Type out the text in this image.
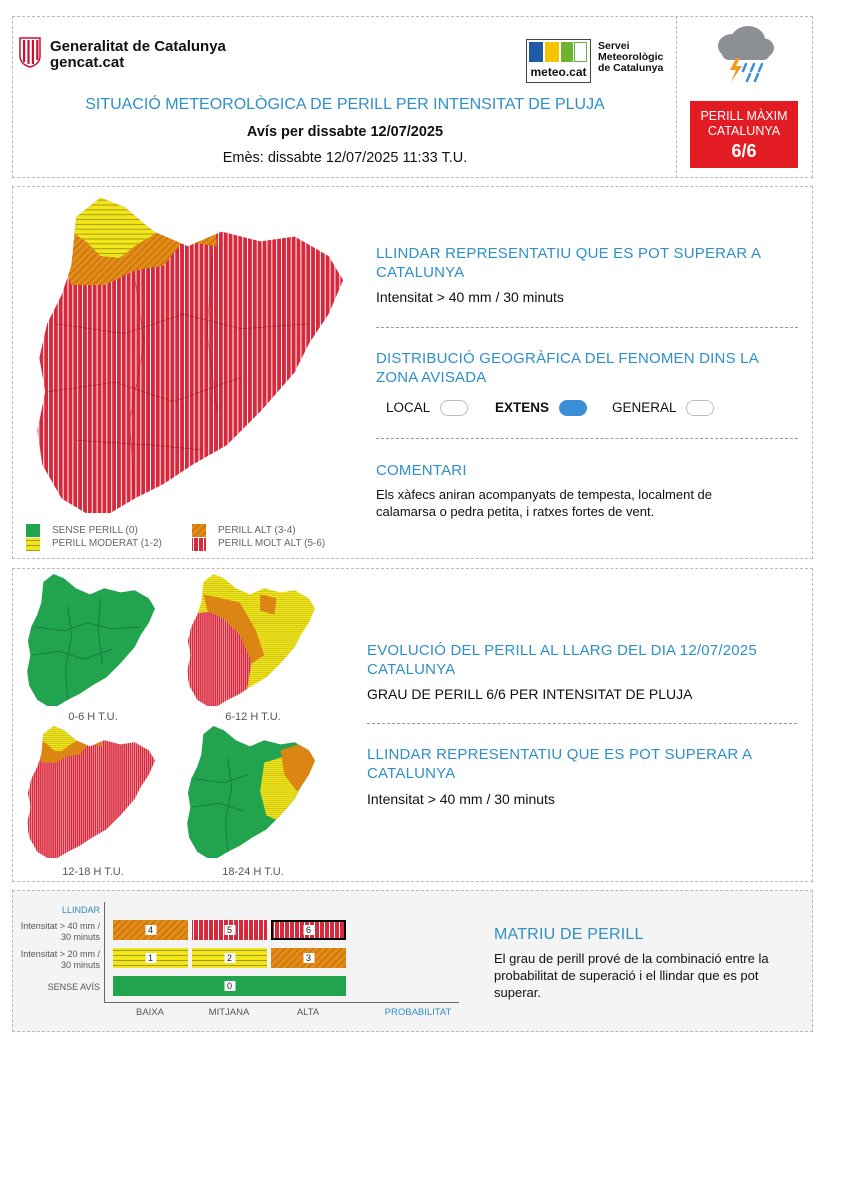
Generalitat de Catalunya
gencat.cat
meteo.cat
Servei
Meteorològic
de Catalunya
SITUACIÓ METEOROLÒGICA DE PERILL PER INTENSITAT DE PLUJA
Avís per dissabte 12/07/2025
Emès: dissabte 12/07/2025 11:33 T.U.
PERILL MÀXIM
CATALUNYA
6/6
SENSE PERILL (0)
PERILL MODERAT (1-2)
PERILL ALT (3-4)
PERILL MOLT ALT (5-6)
LLINDAR REPRESENTATIU QUE ES POT SUPERAR A CATALUNYA
Intensitat > 40 mm / 30 minuts
DISTRIBUCIÓ GEOGRÀFICA DEL FENOMEN DINS LA ZONA AVISADA
LOCAL	EXTENS	GENERAL
COMENTARI
Els xàfecs aniran acompanyats de tempesta, localment de calamarsa o pedra petita, i ratxes fortes de vent.
0-6 H T.U.	6-12 H T.U.
12-18 H T.U.	18-24 H T.U.
EVOLUCIÓ DEL PERILL AL LLARG DEL DIA 12/07/2025 CATALUNYA
GRAU DE PERILL 6/6 PER INTENSITAT DE PLUJA
LLINDAR REPRESENTATIU QUE ES POT SUPERAR A CATALUNYA
Intensitat > 40 mm / 30 minuts
LLINDAR
Intensitat > 40 mm / 30 minuts
Intensitat > 20 mm / 30 minuts
SENSE AVÍS
4	5	6
1	2	3
0
BAIXA	MITJANA	ALTA	PROBABILITAT
MATRIU DE PERILL
El grau de perill prové de la combinació entre la probabilitat de superació i el llindar que es pot superar.
